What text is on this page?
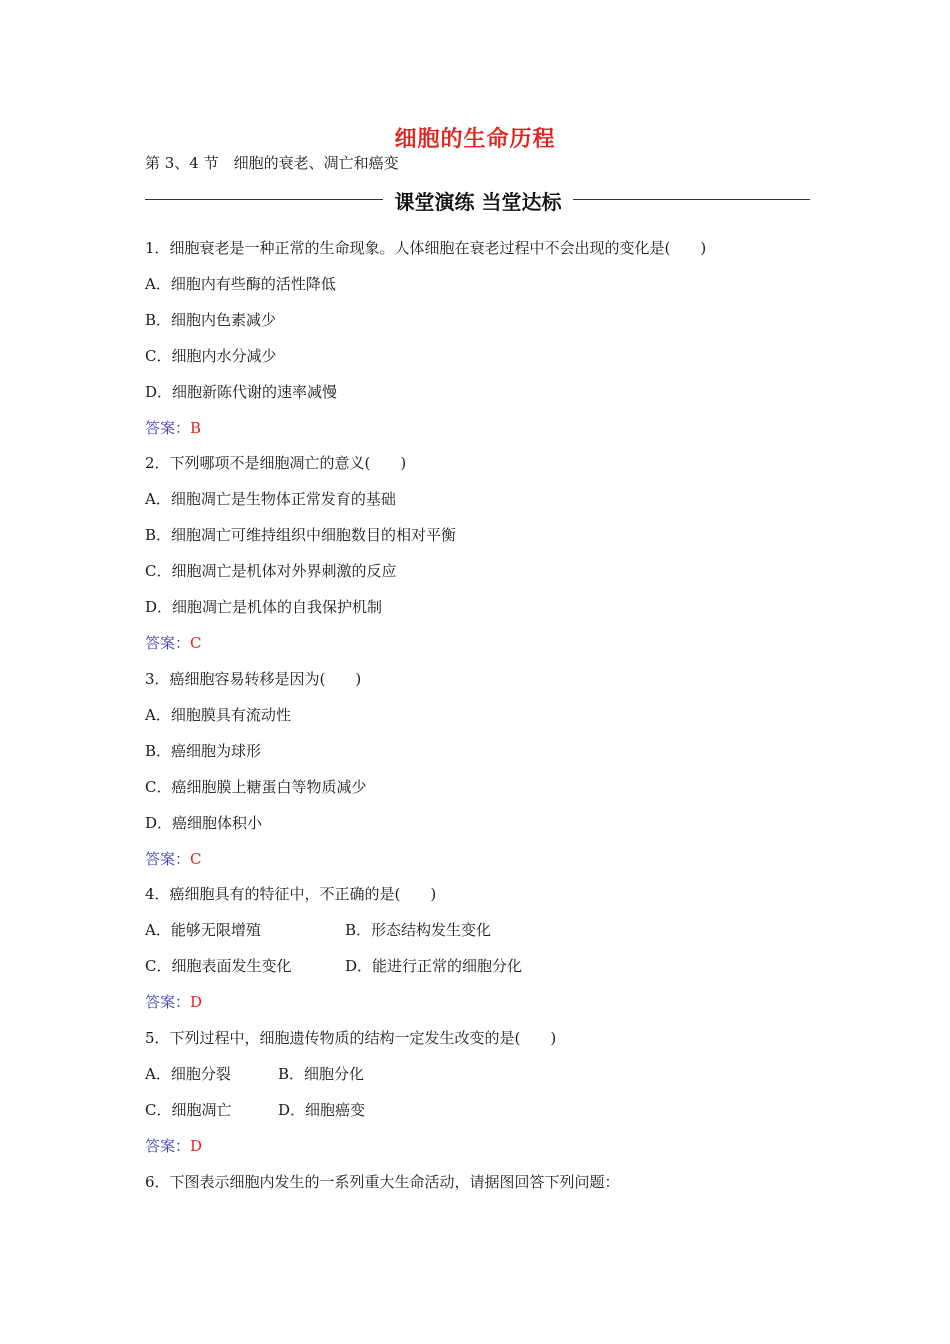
细胞的生命历程
第 3、4 节　细胞的衰老、凋亡和癌变
课堂演练 当堂达标
1．细胞衰老是一种正常的生命现象。人体细胞在衰老过程中不会出现的变化是(　　)
A．细胞内有些酶的活性降低
B．细胞内色素减少
C．细胞内水分减少
D．细胞新陈代谢的速率减慢
答案：B
2．下列哪项不是细胞凋亡的意义(　　)
A．细胞凋亡是生物体正常发育的基础
B．细胞凋亡可维持组织中细胞数目的相对平衡
C．细胞凋亡是机体对外界刺激的反应
D．细胞凋亡是机体的自我保护机制
答案：C
3．癌细胞容易转移是因为(　　)
A．细胞膜具有流动性
B．癌细胞为球形
C．癌细胞膜上糖蛋白等物质减少
D．癌细胞体积小
答案：C
4．癌细胞具有的特征中，不正确的是(　　)
A．能够无限增殖	B．形态结构发生变化
C．细胞表面发生变化	D．能进行正常的细胞分化
答案：D
5．下列过程中，细胞遗传物质的结构一定发生改变的是(　　)
A．细胞分裂	B．细胞分化
C．细胞凋亡	D．细胞癌变
答案：D
6．下图表示细胞内发生的一系列重大生命活动，请据图回答下列问题：
